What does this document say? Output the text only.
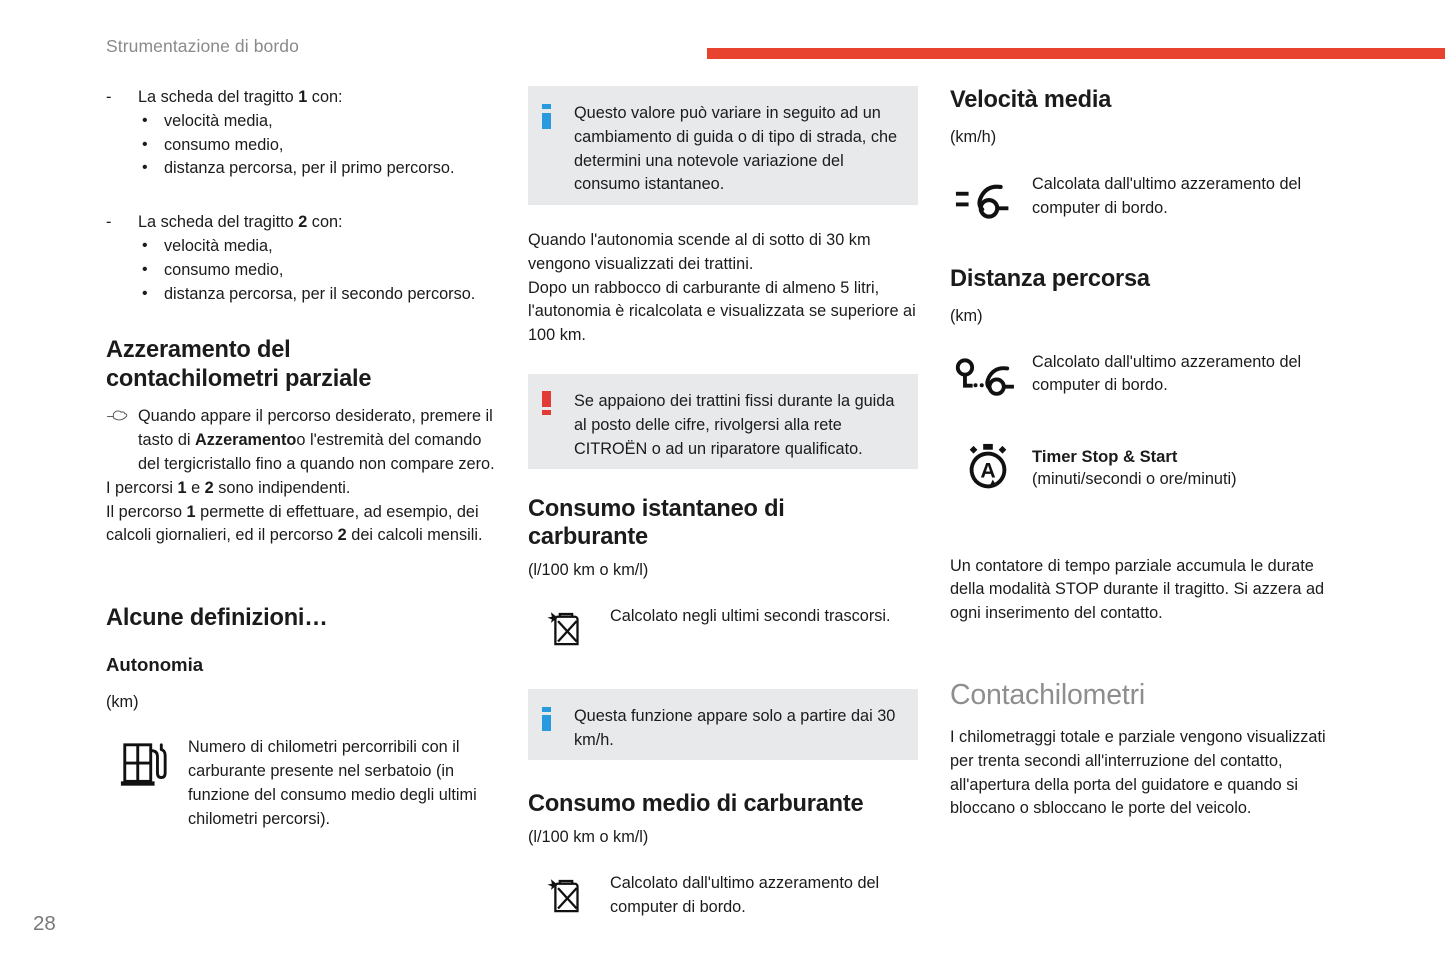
Strumentazione di bordo
- La scheda del tragitto 1 con:
• velocità media,
• consumo medio,
• distanza percorsa, per il primo percorso.
- La scheda del tragitto 2 con:
• velocità media,
• consumo medio,
• distanza percorsa, per il secondo percorso.
Azzeramento del contachilometri parziale
Quando appare il percorso desiderato, premere il tasto di Azzeramentoo l'estremità del comando del tergicristallo fino a quando non compare zero.

I percorsi 1 e 2 sono indipendenti.

Il percorso 1 permette di effettuare, ad esempio, dei calcoli giornalieri, ed il percorso 2 dei calcoli mensili.

Alcune definizioni…
Autonomia
(km)
Numero di chilometri percorribili con il carburante presente nel serbatoio (in funzione del consumo medio degli ultimi chilometri percorsi).
Questo valore può variare in seguito ad un cambiamento di guida o di tipo di strada, che determini una notevole variazione del consumo istantaneo.

Quando l'autonomia scende al di sotto di 30 km vengono visualizzati dei trattini.

Dopo un rabbocco di carburante di almeno 5 litri, l'autonomia è ricalcolata e visualizzata se superiore ai 100 km.

Se appaiono dei trattini fissi durante la guida al posto delle cifre, rivolgersi alla rete CITROËN o ad un riparatore qualificato.
Consumo istantaneo di carburante
(l/100 km o km/l)
Calcolato negli ultimi secondi trascorsi.
Questa funzione appare solo a partire dai 30 km/h.
Consumo medio di carburante
(l/100 km o km/l)
Calcolato dall'ultimo azzeramento del computer di bordo.
Velocità media
(km/h)
Calcolata dall'ultimo azzeramento del computer di bordo.
Distanza percorsa
(km)
Calcolato dall'ultimo azzeramento del computer di bordo.
A
Timer Stop & Start
(minuti/secondi o ore/minuti)

Un contatore di tempo parziale accumula le durate della modalità STOP durante il tragitto. Si azzera ad ogni inserimento del contatto.

Contachilometri

I chilometraggi totale e parziale vengono visualizzati per trenta secondi all'interruzione del contatto, all'apertura della porta del guidatore e quando si bloccano o sbloccano le porte del veicolo.

28
